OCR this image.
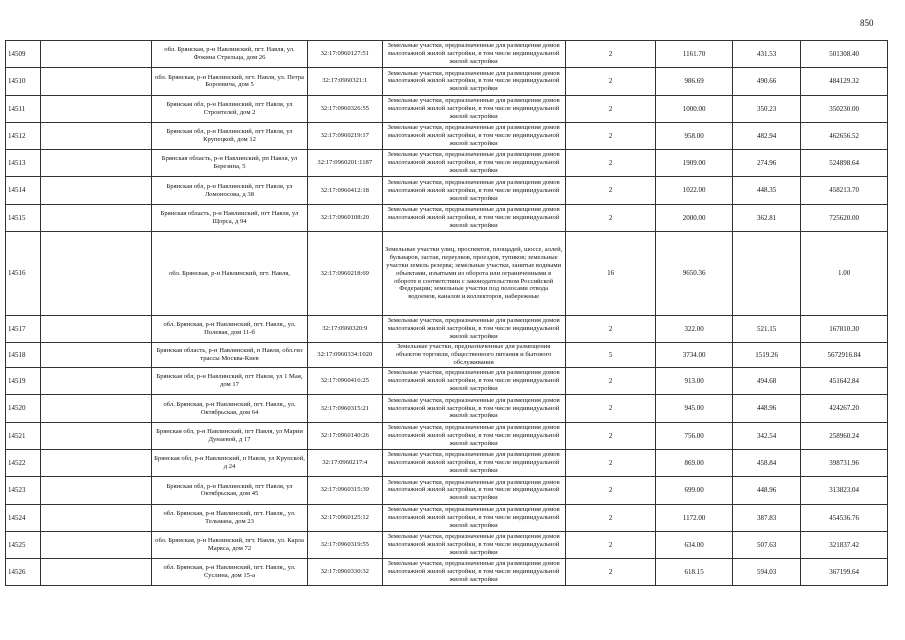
850
14509		обл. Брянская, р-н Навлинский, пгт. Навля, ул. Фокина Стрельца, дом 26	32:17:0960127:51	Земельные участки, предназначенные для размещения домов малоэтажной жилой застройки, в том числе индивидуальной жилой застройки	2	1161.70	431.53	501308.40
14510		обл. Брянская, р-н Навлинский, пгт. Навля, ул. Петра Бороевича, дом 5	32:17:0960321:1	Земельные участки, предназначенные для размещения домов малоэтажной жилой застройки, в том числе индивидуальной жилой застройки	2	986.69	490.66	484129.32
14511		Брянская обл, р-н Навлинский, пгт Навля, ул Строителей, дом 2	32:17:0960326:55	Земельные участки, предназначенные для размещения домов малоэтажной жилой застройки, в том числе индивидуальной жилой застройки	2	1000.00	350.23	350230.00
14512		Брянская обл, р-н Навлинский, пгт Навля, ул Крупецкой, дом 12	32:17:0960219:17	Земельные участки, предназначенные для размещения домов малоэтажной жилой застройки, в том числе индивидуальной жилой застройки	2	958.00	482.94	462656.52
14513		Брянская область, р-н Навлинский, рп Навля, ул Березина, 5	32:17:0960201:1187	Земельные участки, предназначенные для размещения домов малоэтажной жилой застройки, в том числе индивидуальной жилой застройки	2	1909.00	274.96	524898.64
14514		Брянская обл, р-н Навлинский, пгт Навля, ул Ломоносова, д 38	32:17:0960412:18	Земельные участки, предназначенные для размещения домов малоэтажной жилой застройки, в том числе индивидуальной жилой застройки	2	1022.00	448.35	458213.70
14515		Брянская область, р-н Навлинский, пгт Навля, ул Щорса, д 94	32:17:0960108:20	Земельные участки, предназначенные для размещения домов малоэтажной жилой застройки, в том числе индивидуальной жилой застройки	2	2000.00	362.81	725620.00
14516		обл. Брянская, р-н Навлинский, пгт. Навля,	32:17:0960218:69	Земельные участки улиц, проспектов, площадей, шоссе, аллей, бульваров, застав, переулков, проездов, тупиков; земельные участки земель резерва; земельные участки, занятые водными объектами, изъятыми из оборота или ограниченными в обороте в соответствии с законодательством Российской Федерации; земельные участки под полосами отвода водоемов, каналов и коллекторов, набережные	16	9650.36		1.00
14517		обл. Брянская, р-н Навлинский, пгт. Навля,, ул. Полевая, дом 11-б	32:17:0960320:9	Земельные участки, предназначенные для размещения домов малоэтажной жилой застройки, в том числе индивидуальной жилой застройки	2	322.00	521.15	167810.30
14518		Брянская область, р-н Навлинский, п Навля, обл.гиз трассы Москва-Киев	32:17:0960334:1020	Земельные участки, предназначенные для размещения объектов торговли, общественного питания и бытового обслуживания	5	3734.00	1519.26	5672916.84
14519		Брянская обл, р-н Навлинский, пгт Навля, ул 1 Мая, дом 17	32:17:0960416:25	Земельные участки, предназначенные для размещения домов малоэтажной жилой застройки, в том числе индивидуальной жилой застройки	2	913.00	494.68	451642.84
14520		обл. Брянская, р-н Навлинский, пгт. Навля,, ул. Октябрьская, дом 64	32:17:0960315:21	Земельные участки, предназначенные для размещения домов малоэтажной жилой застройки, в том числе индивидуальной жилой застройки	2	945.00	448.96	424267.20
14521		Брянская обл, р-н Навлинский, пгт Навля, ул Марии Дунаевой, д 17	32:17:0960140:26	Земельные участки, предназначенные для размещения домов малоэтажной жилой застройки, в том числе индивидуальной жилой застройки	2	756.00	342.54	258960.24
14522		Брянская обл, р-н Навлинский, п Навля, ул Крупской, д 24	32:17:0960217:4	Земельные участки, предназначенные для размещения домов малоэтажной жилой застройки, в том числе индивидуальной жилой застройки	2	869.00	458.84	398731.96
14523		Брянская обл, р-н Навлинский, пгт Навля, ул Октябрьская, дом 45	32:17:0960315:39	Земельные участки, предназначенные для размещения домов малоэтажной жилой застройки, в том числе индивидуальной жилой застройки	2	699.00	448.96	313823.04
14524		обл. Брянская, р-н Навлинский, пгт. Навля,, ул. Тельмана, дом 23	32:17:0960125:12	Земельные участки, предназначенные для размещения домов малоэтажной жилой застройки, в том числе индивидуальной жилой застройки	2	1172.00	387.83	454536.76
14525		обл. Брянская, р-н Навлинский, пгт. Навля, ул. Карла Маркса, дом 72	32:17:0960319:55	Земельные участки, предназначенные для размещения домов малоэтажной жилой застройки, в том числе индивидуальной жилой застройки	2	634.00	507.63	321837.42
14526		обл. Брянская, р-н Навлинский, пгт. Навля,, ул. Суслина, дом 15-а	32:17:0960330:32	Земельные участки, предназначенные для размещения домов малоэтажной жилой застройки, в том числе индивидуальной жилой застройки	2	618.15	594.03	367199.64
